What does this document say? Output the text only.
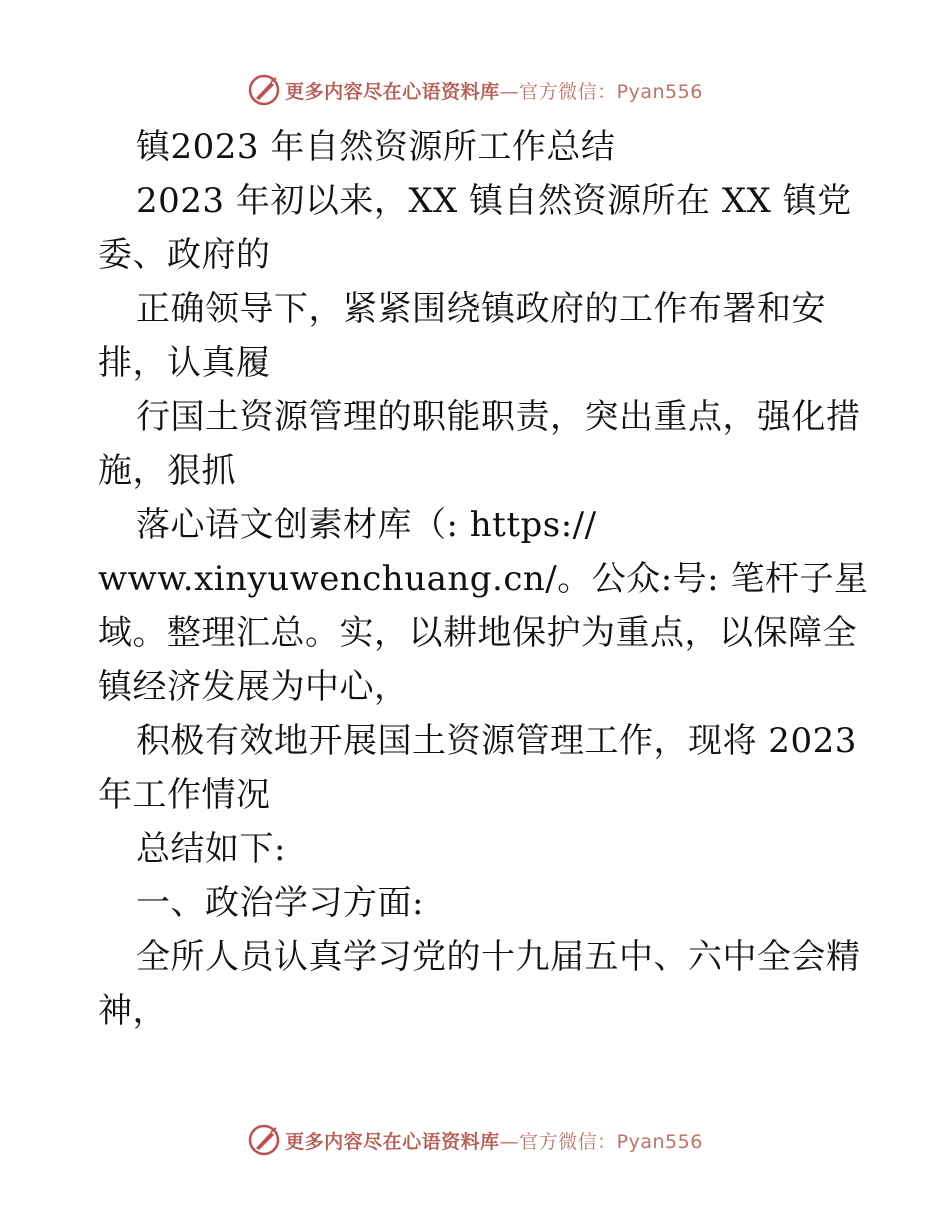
更多内容尽在心语资料库—官方微信：Pyan556
镇2023 年自然资源所工作总结
2023 年初以来，XX 镇自然资源所在 XX 镇党
委、政府的
正确领导下，紧紧围绕镇政府的工作布署和安
排，认真履
行国土资源管理的职能职责，突出重点，强化措
施，狠抓
落心语文创素材库（: https://
www.xinyuwenchuang.cn/。公众:号: 笔杆子星
域。整理汇总。实，以耕地保护为重点，以保障全
镇经济发展为中心，
积极有效地开展国土资源管理工作，现将 2023
年工作情况
总结如下:
一、政治学习方面:
全所人员认真学习党的十九届五中、六中全会精
神，
更多内容尽在心语资料库—官方微信：Pyan556
